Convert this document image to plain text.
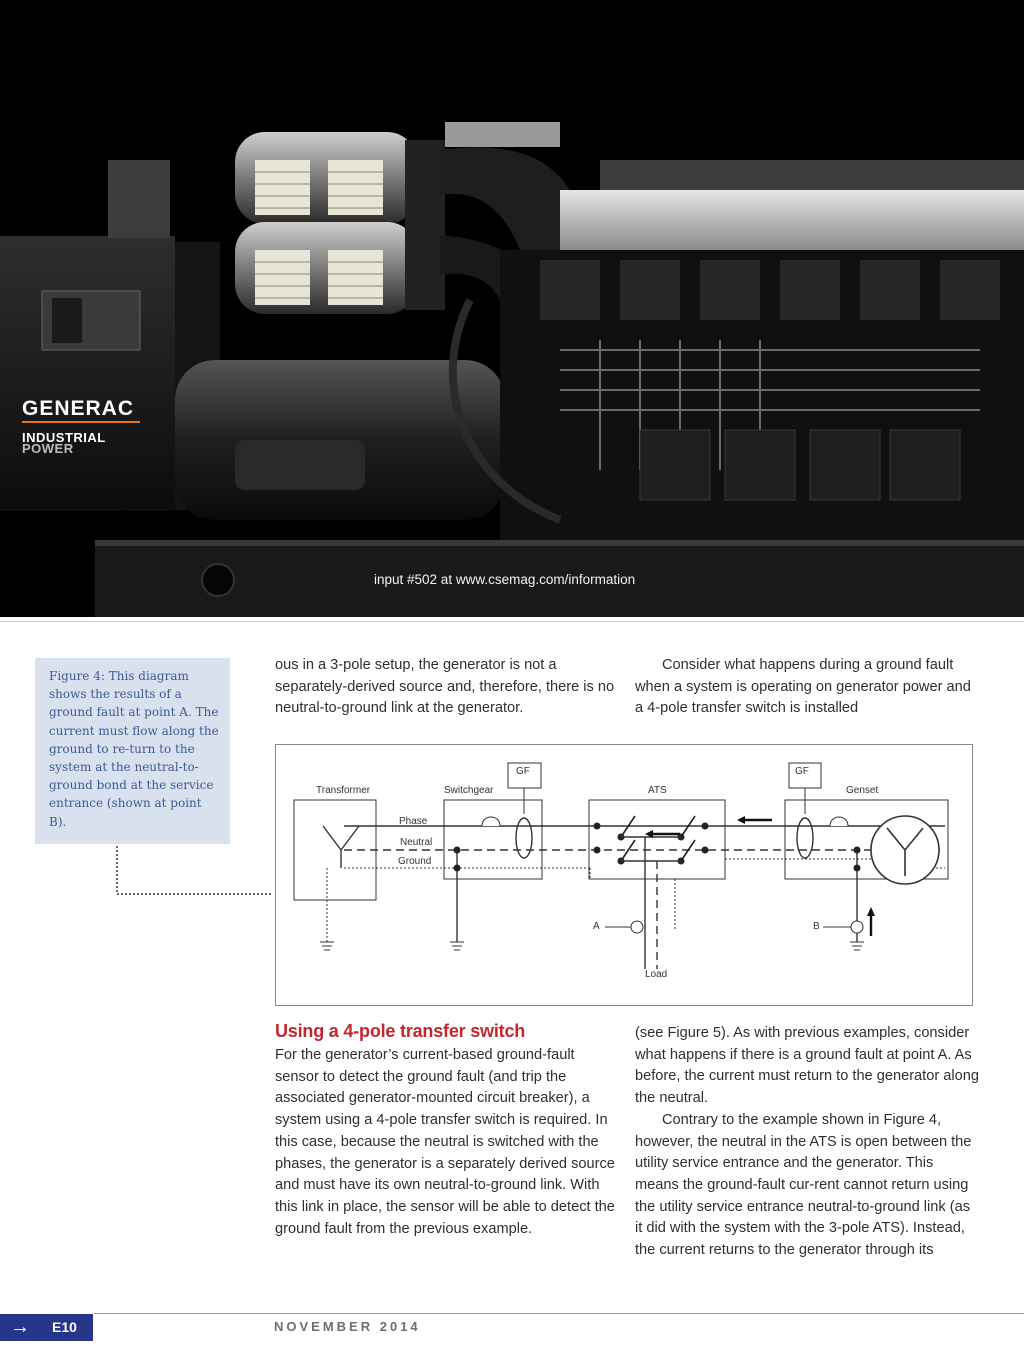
GENERAC
INDUSTRIAL
POWER
input #502 at www.csemag.com/information

Figure 4: This diagram shows the results of a ground fault at point A. The current must flow along the ground to re-turn to the system at the neutral-to-ground bond at the service entrance (shown at point B).

ous in a 3-pole setup, the generator is not a separately-derived source and, therefore, there is no neutral-to-ground link at the generator.

Consider what happens during a ground fault when a system is operating on generator power and a 4-pole transfer switch is installed

Transformer	Switchgear	ATS	Genset
GF	GF
Phase
Neutral
Ground
A	B
Load
Using a 4-pole transfer switch

For the generator’s current-based ground-fault sensor to detect the ground fault (and trip the associated generator-mounted circuit breaker), a system using a 4-pole transfer switch is required. In this case, because the neutral is switched with the phases, the generator is a separately derived source and must have its own neutral-to-ground link. With this link in place, the sensor will be able to detect the ground fault from the previous example.

(see Figure 5). As with previous examples, consider what happens if there is a ground fault at point A. As before, the current must return to the generator along the neutral.

Contrary to the example shown in Figure 4, however, the neutral in the ATS is open between the utility service entrance and the generator. This means the ground-fault cur-rent cannot return using the utility service entrance neutral-to-ground link (as it did with the system with the 3-pole ATS). Instead, the current returns to the generator through its

→ E10	NOVEMBER 2014
